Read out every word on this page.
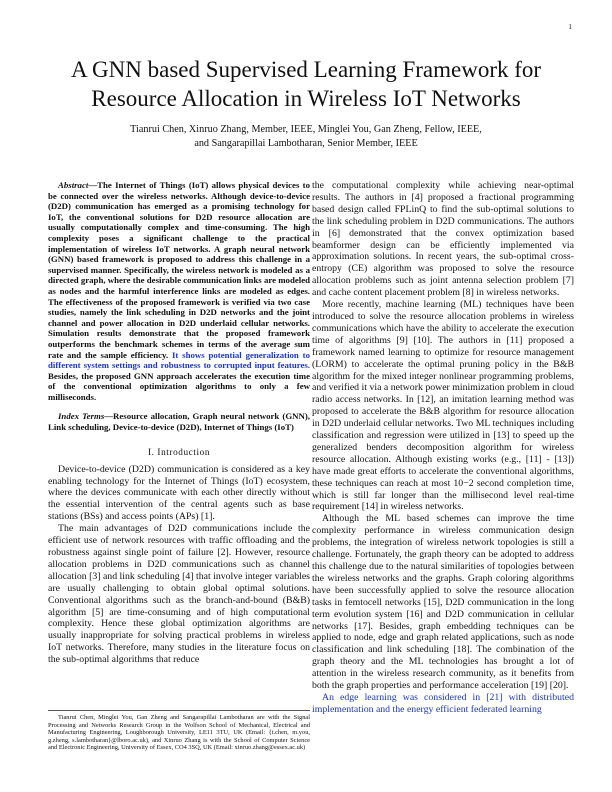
1
A GNN based Supervised Learning Framework for
Resource Allocation in Wireless IoT Networks
Tianrui Chen, Xinruo Zhang, Member, IEEE, Minglei You, Gan Zheng, Fellow, IEEE,
and Sangarapillai Lambotharan, Senior Member, IEEE

Abstract—The Internet of Things (IoT) allows physical devices to be connected over the wireless networks. Although device-to-device (D2D) communication has emerged as a promising technology for IoT, the conventional solutions for D2D resource allocation are usually computationally complex and time-consuming. The high complexity poses a significant challenge to the practical implementation of wireless IoT networks. A graph neural network (GNN) based framework is proposed to address this challenge in a supervised manner. Specifically, the wireless network is modeled as a directed graph, where the desirable communication links are modeled as nodes and the harmful interference links are modeled as edges. The effectiveness of the proposed framework is verified via two case studies, namely the link scheduling in D2D networks and the joint channel and power allocation in D2D underlaid cellular networks. Simulation results demonstrate that the proposed framework outperforms the benchmark schemes in terms of the average sum rate and the sample efficiency. It shows potential generalization to different system settings and robustness to corrupted input features. Besides, the proposed GNN approach accelerates the execution time of the conventional optimization algorithms to only a few milliseconds.

Index Terms—Resource allocation, Graph neural network (GNN), Link scheduling, Device-to-device (D2D), Internet of Things (IoT)

I. Introduction

Device-to-device (D2D) communication is considered as a key enabling technology for the Internet of Things (IoT) ecosystem, where the devices communicate with each other directly without the essential intervention of the central agents such as base stations (BSs) and access points (APs) [1].

The main advantages of D2D communications include the efficient use of network resources with traffic offloading and the robustness against single point of failure [2]. However, resource allocation problems in D2D communications such as channel allocation [3] and link scheduling [4] that involve integer variables are usually challenging to obtain global optimal solutions. Conventional algorithms such as the branch-and-bound (B&B) algorithm [5] are time-consuming and of high computational complexity. Hence these global optimization algorithms are usually inappropriate for solving practical problems in wireless IoT networks. Therefore, many studies in the literature focus on the sub-optimal algorithms that reduce

Tianrui Chen, Minglei You, Gan Zheng and Sangarapillai Lambotharan are with the Signal Processing and Networks Research Group in the Wolfson School of Mechanical, Electrical and Manufacturing Engineering, Loughborough University, LE11 3TU, UK (Email: {t.chen, m.you, g.zheng, s.lambotharan}@lboro.ac.uk), and Xinruo Zhang is with the School of Computer Science and Electronic Engineering, University of Essex, CO4 3SQ, UK (Email: xinruo.zhang@essex.ac.uk)

the computational complexity while achieving near-optimal results. The authors in [4] proposed a fractional programming based design called FPLinQ to find the sub-optimal solutions to the link scheduling problem in D2D communications. The authors in [6] demonstrated that the convex optimization based beamformer design can be efficiently implemented via approximation solutions. In recent years, the sub-optimal cross-entropy (CE) algorithm was proposed to solve the resource allocation problems such as joint antenna selection problem [7] and cache content placement problem [8] in wireless networks.

More recently, machine learning (ML) techniques have been introduced to solve the resource allocation problems in wireless communications which have the ability to accelerate the execution time of algorithms [9] [10]. The authors in [11] proposed a framework named learning to optimize for resource management (LORM) to accelerate the optimal pruning policy in the B&B algorithm for the mixed integer nonlinear programming problems, and verified it via a network power minimization problem in cloud radio access networks. In [12], an imitation learning method was proposed to accelerate the B&B algorithm for resource allocation in D2D underlaid cellular networks. Two ML techniques including classification and regression were utilized in [13] to speed up the generalized benders decomposition algorithm for wireless resource allocation. Although existing works (e.g., [11] - [13]) have made great efforts to accelerate the conventional algorithms, these techniques can reach at most 10−2 second completion time, which is still far longer than the millisecond level real-time requirement [14] in wireless networks.

Although the ML based schemes can improve the time complexity performance in wireless communication design problems, the integration of wireless network topologies is still a challenge. Fortunately, the graph theory can be adopted to address this challenge due to the natural similarities of topologies between the wireless networks and the graphs. Graph coloring algorithms have been successfully applied to solve the resource allocation tasks in femtocell networks [15], D2D communication in the long term evolution system [16] and D2D communication in cellular networks [17]. Besides, graph embedding techniques can be applied to node, edge and graph related applications, such as node classification and link scheduling [18]. The combination of the graph theory and the ML technologies has brought a lot of attention in the wireless research community, as it benefits from both the graph properties and performance acceleration [19] [20].

An edge learning was considered in [21] with distributed implementation and the energy efficient federated learning
